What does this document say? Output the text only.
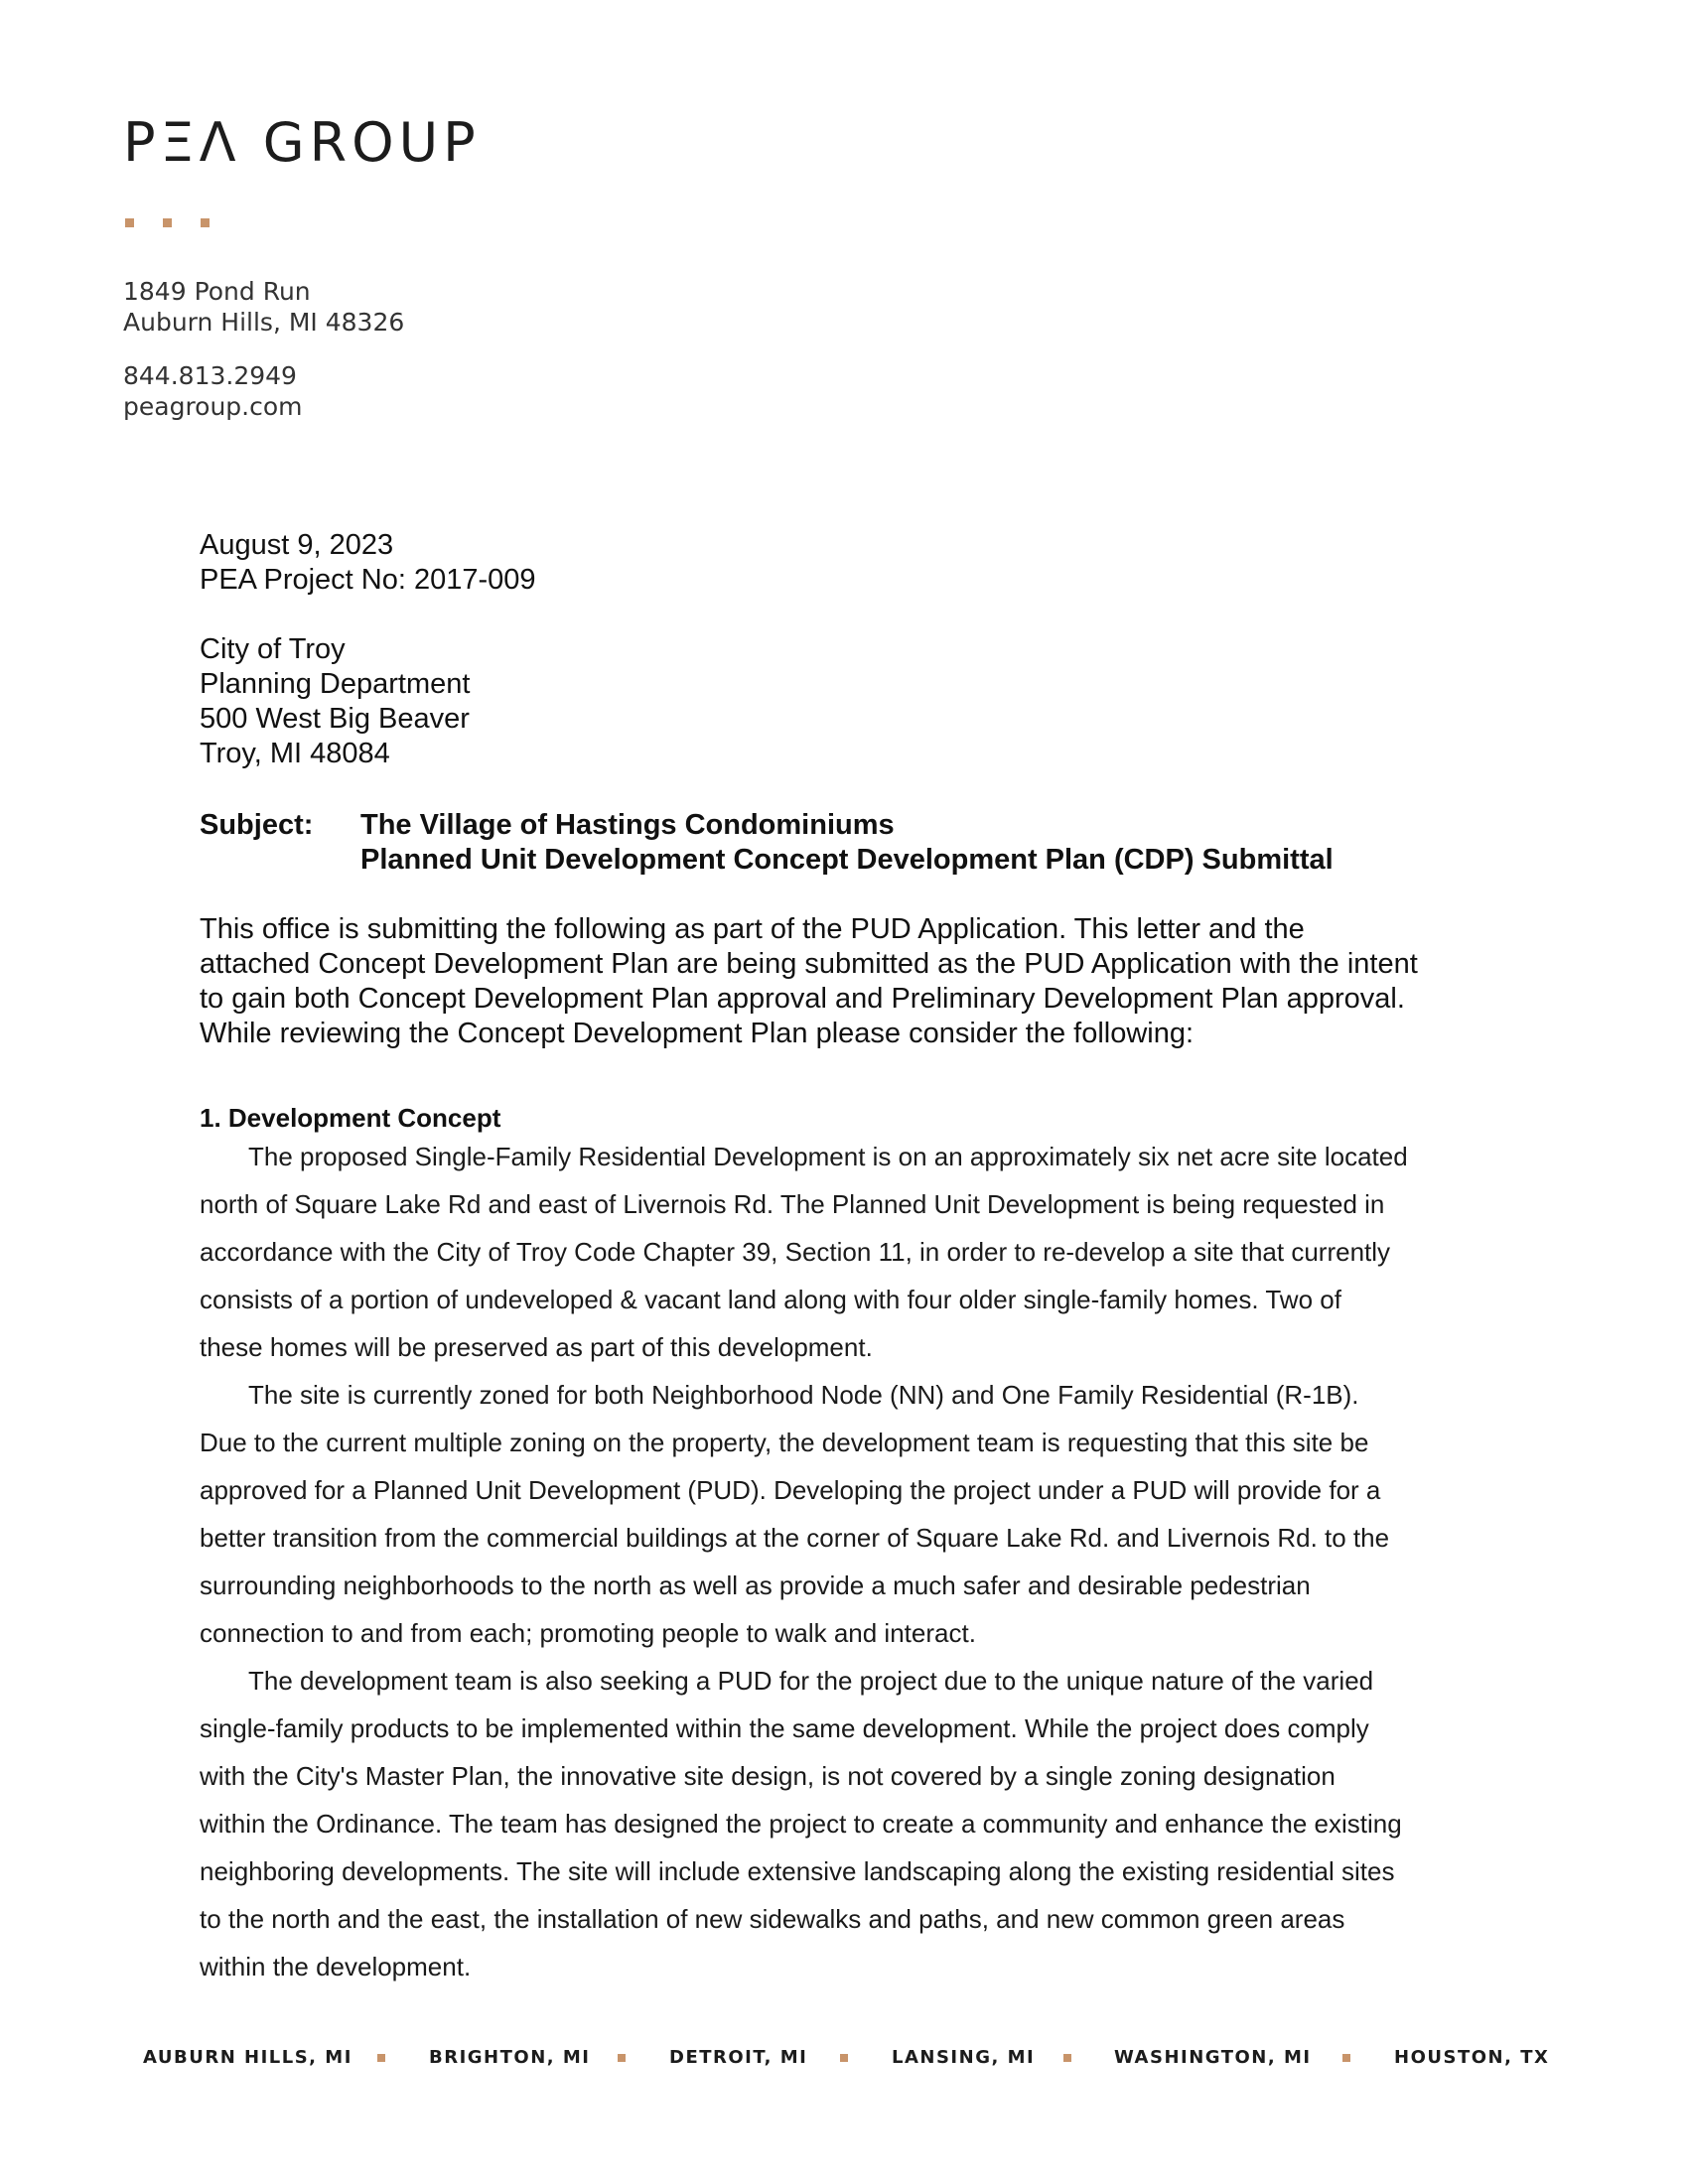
PΞΛ GROUP
1849 Pond Run
Auburn Hills, MI 48326
844.813.2949
peagroup.com
August 9, 2023
PEA Project No: 2017-009
City of Troy
Planning Department
500 West Big Beaver
Troy, MI 48084
Subject: The Village of Hastings Condominiums
Planned Unit Development Concept Development Plan (CDP) Submittal
This office is submitting the following as part of the PUD Application. This letter and the
attached Concept Development Plan are being submitted as the PUD Application with the intent
to gain both Concept Development Plan approval and Preliminary Development Plan approval.
While reviewing the Concept Development Plan please consider the following:
1. Development Concept
The proposed Single-Family Residential Development is on an approximately six net acre site located
north of Square Lake Rd and east of Livernois Rd. The Planned Unit Development is being requested in
accordance with the City of Troy Code Chapter 39, Section 11, in order to re-develop a site that currently
consists of a portion of undeveloped & vacant land along with four older single-family homes. Two of
these homes will be preserved as part of this development.
The site is currently zoned for both Neighborhood Node (NN) and One Family Residential (R-1B).
Due to the current multiple zoning on the property, the development team is requesting that this site be
approved for a Planned Unit Development (PUD). Developing the project under a PUD will provide for a
better transition from the commercial buildings at the corner of Square Lake Rd. and Livernois Rd. to the
surrounding neighborhoods to the north as well as provide a much safer and desirable pedestrian
connection to and from each; promoting people to walk and interact.
The development team is also seeking a PUD for the project due to the unique nature of the varied
single-family products to be implemented within the same development. While the project does comply
with the City's Master Plan, the innovative site design, is not covered by a single zoning designation
within the Ordinance. The team has designed the project to create a community and enhance the existing
neighboring developments. The site will include extensive landscaping along the existing residential sites
to the north and the east, the installation of new sidewalks and paths, and new common green areas
within the development.
AUBURN HILLS, MI	BRIGHTON, MI	DETROIT, MI	LANSING, MI	WASHINGTON, MI	HOUSTON, TX
